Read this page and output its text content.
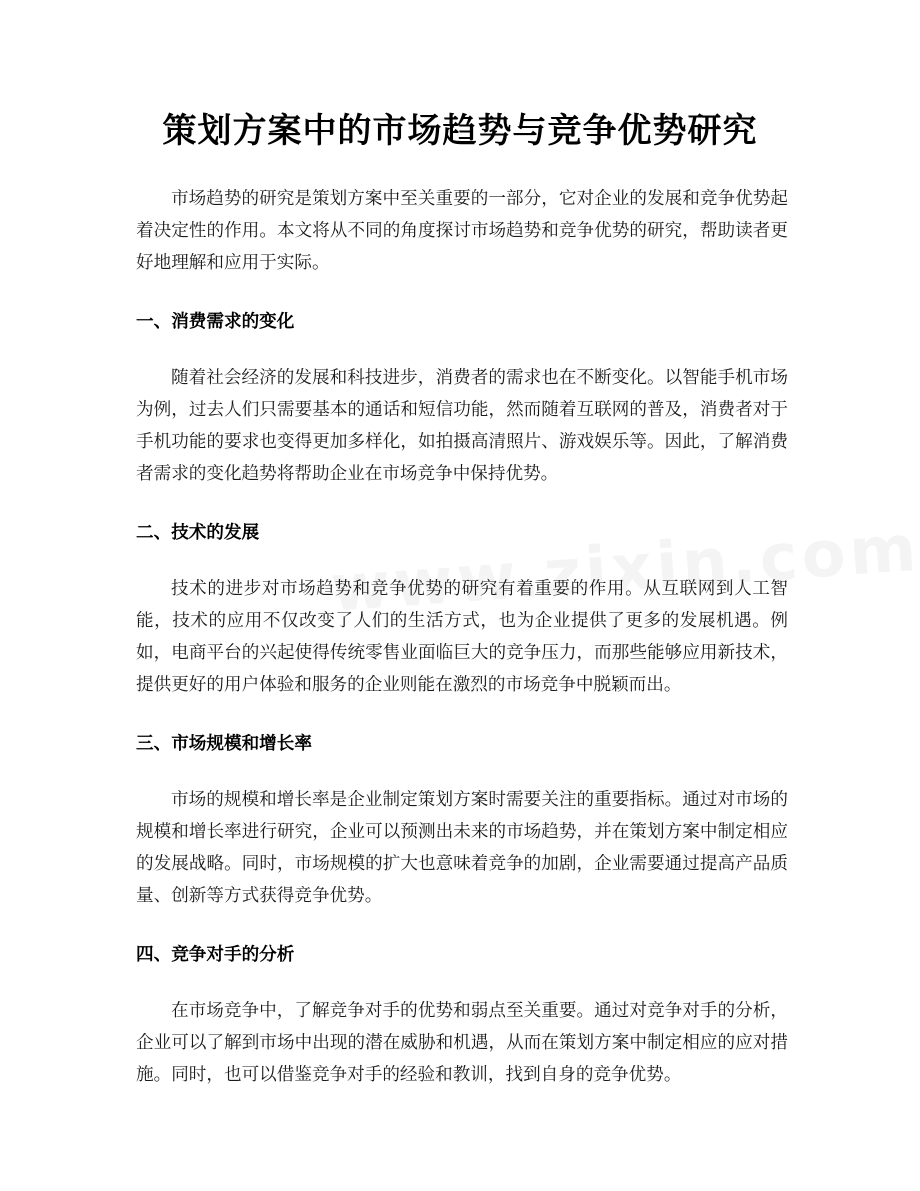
策划方案中的市场趋势与竞争优势研究

市场趋势的研究是策划方案中至关重要的一部分，它对企业的发展和竞争优势起着决定性的作用。本文将从不同的角度探讨市场趋势和竞争优势的研究，帮助读者更好地理解和应用于实际。

一、消费需求的变化

随着社会经济的发展和科技进步，消费者的需求也在不断变化。以智能手机市场为例，过去人们只需要基本的通话和短信功能，然而随着互联网的普及，消费者对于手机功能的要求也变得更加多样化，如拍摄高清照片、游戏娱乐等。因此，了解消费者需求的变化趋势将帮助企业在市场竞争中保持优势。

二、技术的发展

技术的进步对市场趋势和竞争优势的研究有着重要的作用。从互联网到人工智能，技术的应用不仅改变了人们的生活方式，也为企业提供了更多的发展机遇。例如，电商平台的兴起使得传统零售业面临巨大的竞争压力，而那些能够应用新技术，提供更好的用户体验和服务的企业则能在激烈的市场竞争中脱颖而出。

三、市场规模和增长率

市场的规模和增长率是企业制定策划方案时需要关注的重要指标。通过对市场的规模和增长率进行研究，企业可以预测出未来的市场趋势，并在策划方案中制定相应的发展战略。同时，市场规模的扩大也意味着竞争的加剧，企业需要通过提高产品质量、创新等方式获得竞争优势。

四、竞争对手的分析

在市场竞争中，了解竞争对手的优势和弱点至关重要。通过对竞争对手的分析，企业可以了解到市场中出现的潜在威胁和机遇，从而在策划方案中制定相应的应对措施。同时，也可以借鉴竞争对手的经验和教训，找到自身的竞争优势。
